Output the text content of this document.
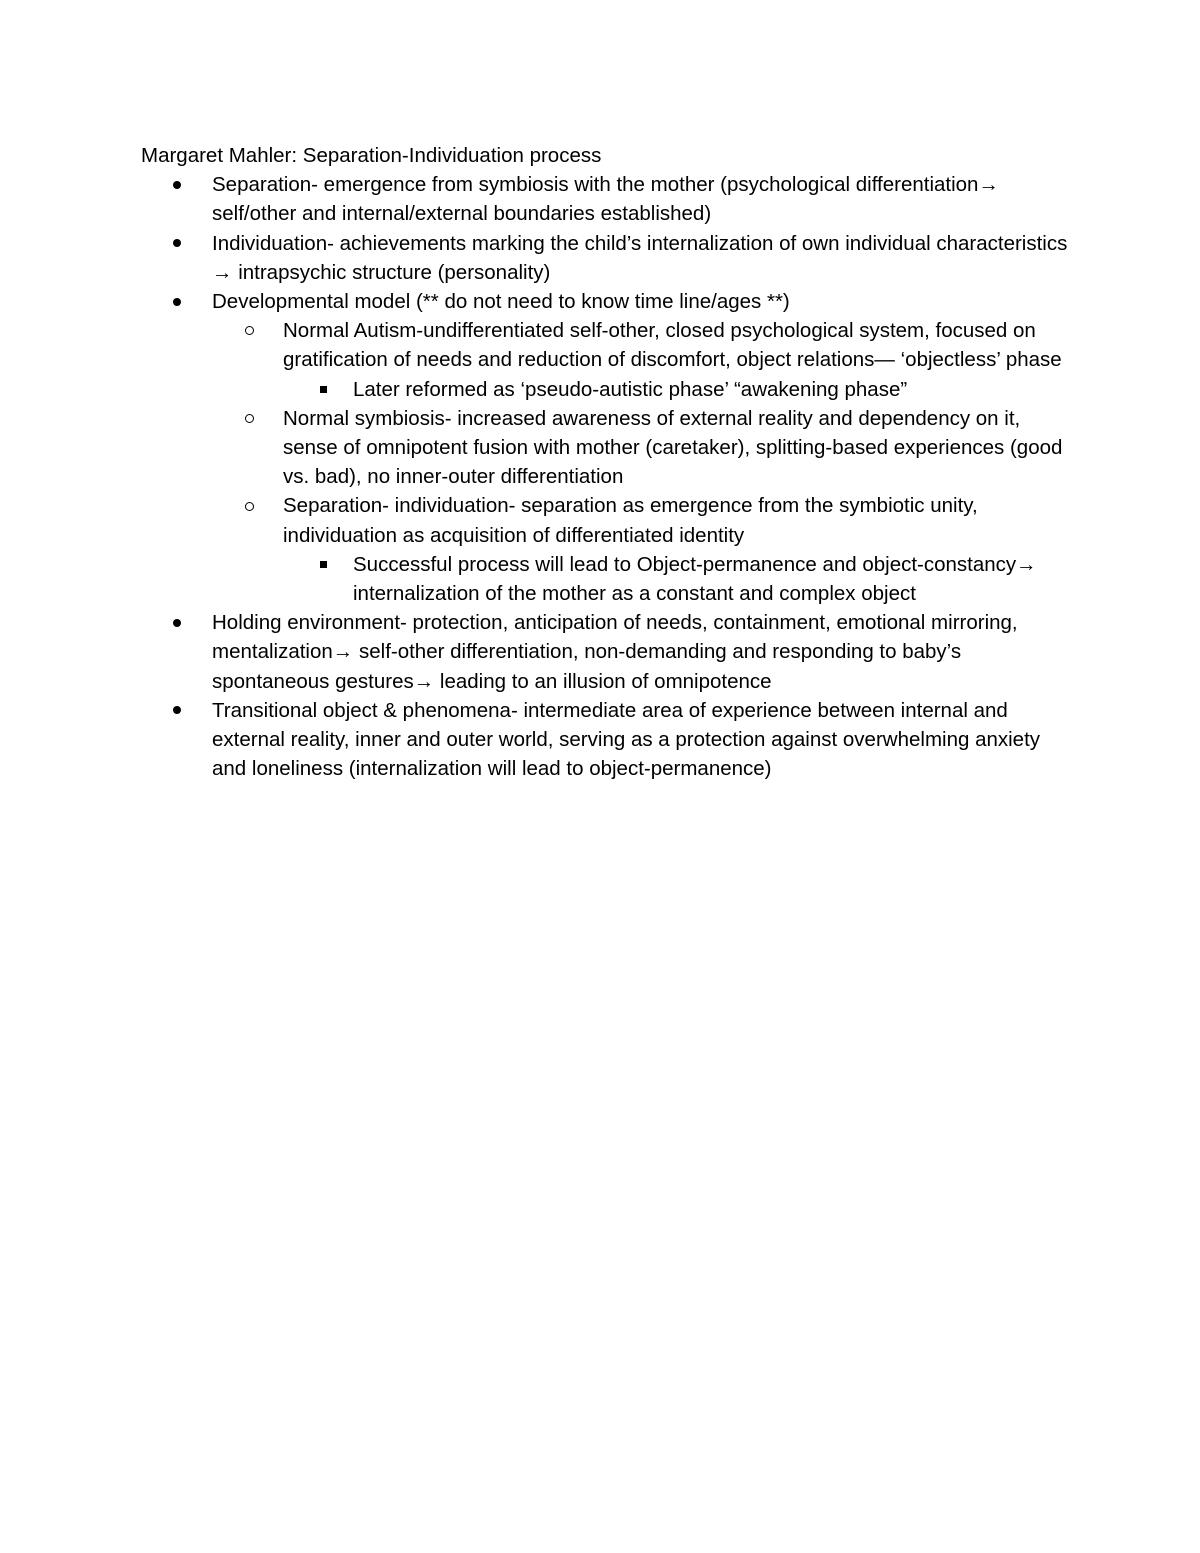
Margaret Mahler: Separation-Individuation process
Separation- emergence from symbiosis with the mother (psychological differentiation→ self/other and internal/external boundaries established)
Individuation- achievements marking the child’s internalization of own individual characteristics → intrapsychic structure (personality)
Developmental model (** do not need to know time line/ages **)
Normal Autism-undifferentiated self-other, closed psychological system, focused on gratification of needs and reduction of discomfort, object relations— ‘objectless’ phase
Later reformed as ‘pseudo-autistic phase’ “awakening phase”
Normal symbiosis- increased awareness of external reality and dependency on it, sense of omnipotent fusion with mother (caretaker), splitting-based experiences (good vs. bad), no inner-outer differentiation
Separation- individuation- separation as emergence from the symbiotic unity, individuation as acquisition of differentiated identity
Successful process will lead to Object-permanence and object-constancy→ internalization of the mother as a constant and complex object
Holding environment- protection, anticipation of needs, containment, emotional mirroring, mentalization→ self-other differentiation, non-demanding and responding to baby’s spontaneous gestures→ leading to an illusion of omnipotence
Transitional object & phenomena- intermediate area of experience between internal and external reality, inner and outer world, serving as a protection against overwhelming anxiety and loneliness (internalization will lead to object-permanence)
